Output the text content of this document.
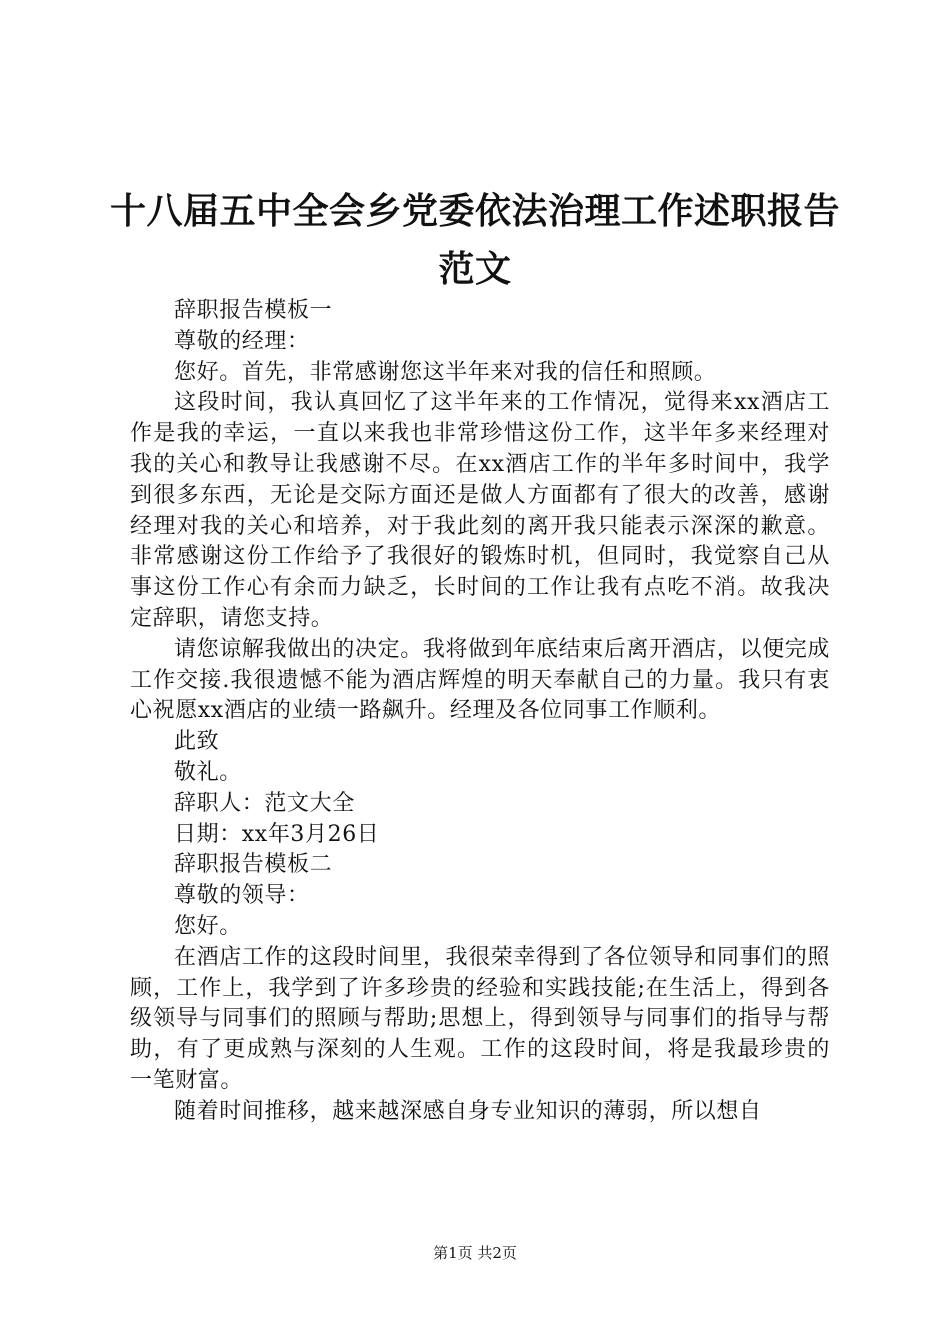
十八届五中全会乡党委依法治理工作述职报告
范文

辞职报告模板一

尊敬的经理：

您好。首先，非常感谢您这半年来对我的信任和照顾。

这段时间，我认真回忆了这半年来的工作情况，觉得来xx酒店工作是我的幸运，一直以来我也非常珍惜这份工作，这半年多来经理对我的关心和教导让我感谢不尽。在xx酒店工作的半年多时间中，我学到很多东西，无论是交际方面还是做人方面都有了很大的改善，感谢经理对我的关心和培养，对于我此刻的离开我只能表示深深的歉意。非常感谢这份工作给予了我很好的锻炼时机，但同时，我觉察自己从事这份工作心有余而力缺乏，长时间的工作让我有点吃不消。故我决定辞职，请您支持。

请您谅解我做出的决定。我将做到年底结束后离开酒店，以便完成工作交接.我很遗憾不能为酒店辉煌的明天奉献自己的力量。我只有衷心祝愿xx酒店的业绩一路飙升。经理及各位同事工作顺利。

此致

敬礼。

辞职人：范文大全

日期：xx年3月26日

辞职报告模板二

尊敬的领导：

您好。

在酒店工作的这段时间里，我很荣幸得到了各位领导和同事们的照顾，工作上，我学到了许多珍贵的经验和实践技能;在生活上，得到各级领导与同事们的照顾与帮助;思想上，得到领导与同事们的指导与帮助，有了更成熟与深刻的人生观。工作的这段时间，将是我最珍贵的一笔财富。

随着时间推移，越来越深感自身专业知识的薄弱，所以想自

第1页 共2页
